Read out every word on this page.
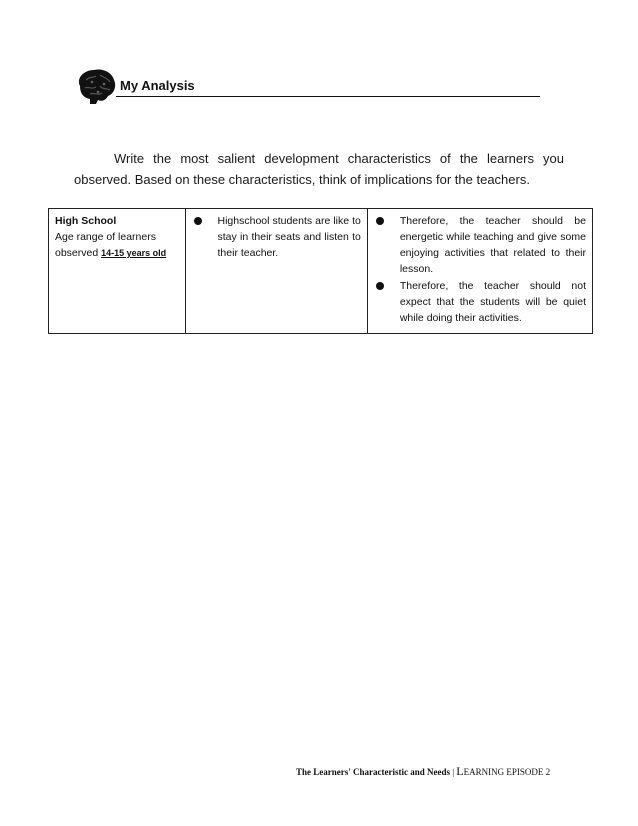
My Analysis

Write the most salient development characteristics of the learners you observed. Based on these characteristics, think of implications for the teachers.

High School
Age range of learners
observed 14-15 years old
Highschool students are like to stay in their seats and listen to their teacher.
Therefore, the teacher should be energetic while teaching and give some enjoying activities that related to their lesson.
Therefore, the teacher should not expect that the students will be quiet while doing their activities.
The Learners' Characteristic and Needs | LEARNING EPISODE 2
